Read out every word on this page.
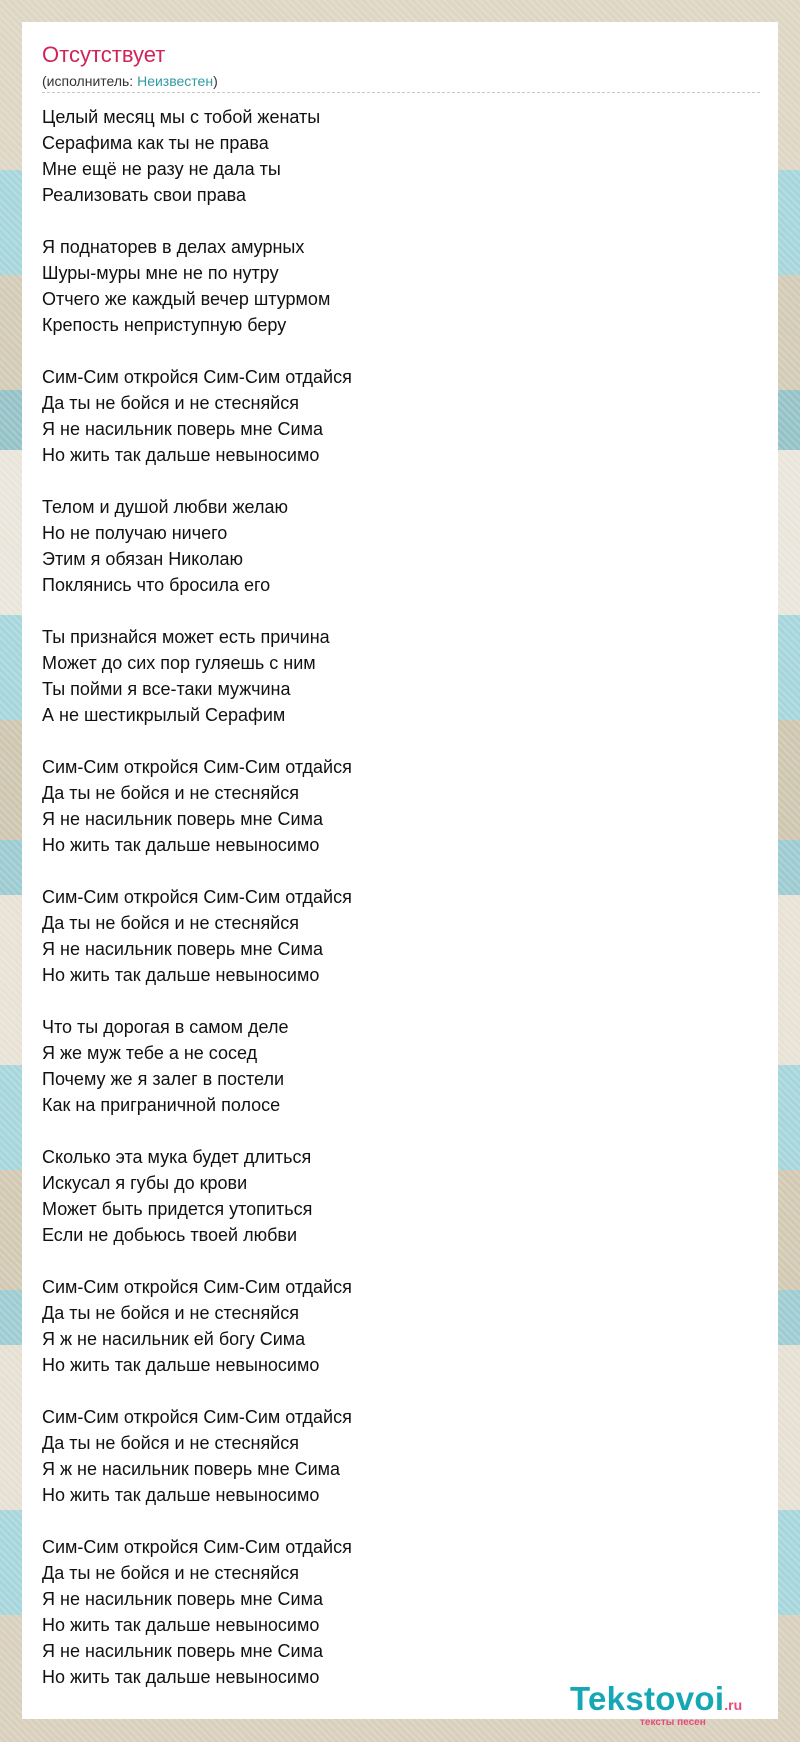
Отсутствует
(исполнитель: Неизвестен)
Целый месяц мы с тобой женаты
Серафима как ты не права
Мне ещё не разу не дала ты
Реализовать свои права
Я поднаторев в делах амурных
Шуры-муры мне не по нутру
Отчего же каждый вечер штурмом
Крепость неприступную беру
Сим-Сим откройся Сим-Сим отдайся
Да ты не бойся и не стесняйся
Я не насильник поверь мне Сима
Но жить так дальше невыносимо
Телом и душой любви желаю
Но не получаю ничего
Этим я обязан Николаю
Поклянись что бросила его
Ты признайся может есть причина
Может до сих пор гуляешь с ним
Ты пойми я все-таки мужчина
А не шестикрылый Серафим
Сим-Сим откройся Сим-Сим отдайся
Да ты не бойся и не стесняйся
Я не насильник поверь мне Сима
Но жить так дальше невыносимо
Сим-Сим откройся Сим-Сим отдайся
Да ты не бойся и не стесняйся
Я не насильник поверь мне Сима
Но жить так дальше невыносимо
Что ты дорогая в самом деле
Я же муж тебе а не сосед
Почему же я залег в постели
Как на приграничной полосе
Сколько эта мука будет длиться
Искусал я губы до крови
Может быть придется утопиться
Если не добьюсь твоей любви
Сим-Сим откройся Сим-Сим отдайся
Да ты не бойся и не стесняйся
Я ж не насильник ей богу Сима
Но жить так дальше невыносимо
Сим-Сим откройся Сим-Сим отдайся
Да ты не бойся и не стесняйся
Я ж не насильник поверь мне Сима
Но жить так дальше невыносимо
Сим-Сим откройся Сим-Сим отдайся
Да ты не бойся и не стесняйся
Я не насильник поверь мне Сима
Но жить так дальше невыносимо
Я не насильник поверь мне Сима
Но жить так дальше невыносимо
Tekstovoi.ru
тексты песен
